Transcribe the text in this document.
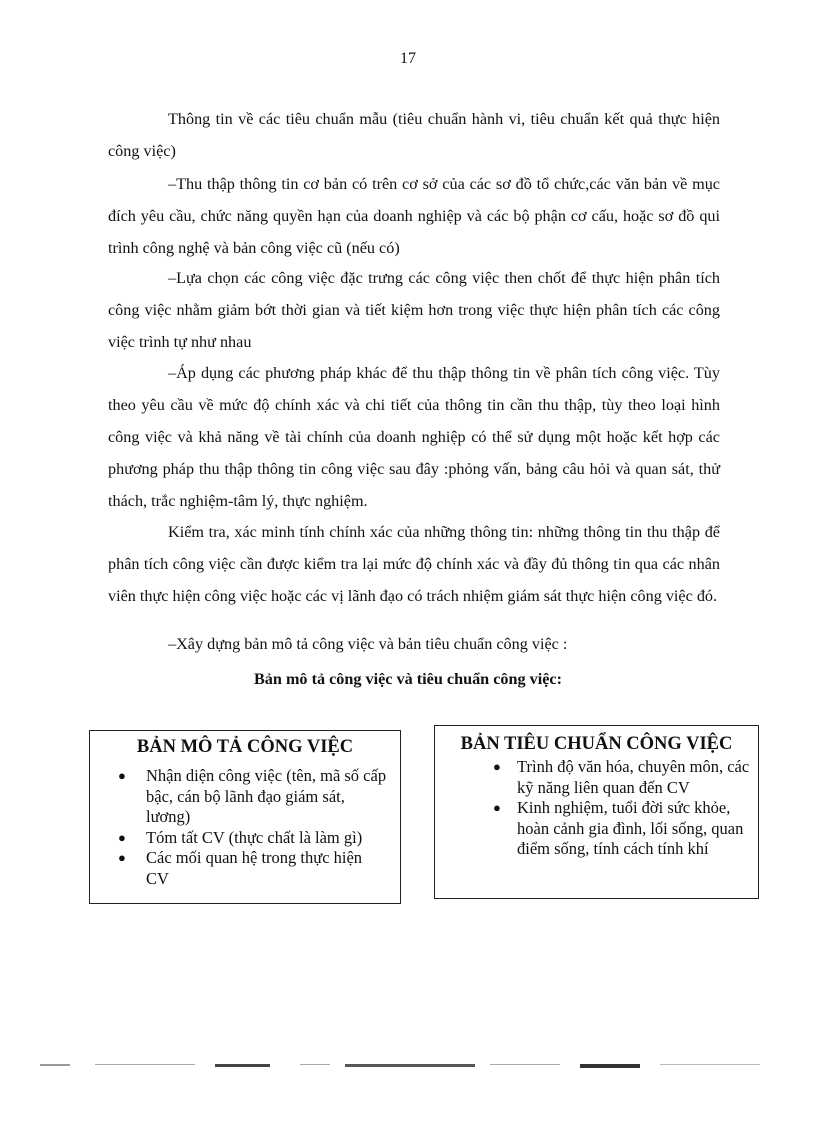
17

Thông tin về các tiêu chuẩn mẫu (tiêu chuẩn hành vi, tiêu chuẩn kết quả thực hiện công việc)

–Thu thập thông tin cơ bản có trên cơ sở của các sơ đồ tổ chức,các văn bản về mục đích yêu cầu, chức năng quyền hạn của doanh nghiệp và các bộ phận cơ cấu, hoặc sơ đồ qui trình công nghệ và bản công việc cũ (nếu có)

–Lựa chọn các công việc đặc trưng các công việc then chốt để thực hiện phân tích công việc nhằm giảm bớt thời gian và tiết kiệm hơn trong việc thực hiện phân tích các công việc trình tự như nhau

–Áp dụng các phương pháp khác để thu thập thông tin về phân tích công việc. Tùy theo yêu cầu về mức độ chính xác và chi tiết của thông tin cần thu thập, tùy theo loại hình công việc và khả năng về tài chính của doanh nghiệp có thể sử dụng một hoặc kết hợp các phương pháp thu thập thông tin công việc sau đây :phỏng vấn, bảng câu hỏi và quan sát, thử thách, trắc nghiệm-tâm lý, thực nghiệm.

Kiểm tra, xác minh tính chính xác của những thông tin: những thông tin thu thập để phân tích công việc cần được kiểm tra lại mức độ chính xác và đầy đủ thông tin qua các nhân viên thực hiện công việc hoặc các vị lãnh đạo có trách nhiệm giám sát thực hiện công việc đó.

–Xây dựng bản mô tả công việc và bản tiêu chuẩn công việc :

Bản mô tả công việc và tiêu chuẩn công việc:

BẢN MÔ TẢ CÔNG VIỆC

● Nhận diện công việc (tên, mã số cấp bậc, cán bộ lãnh đạo giám sát, lương)
● Tóm tất CV (thực chất là làm gì)
● Các mối quan hệ trong thực hiện CV

BẢN TIÊU CHUẨN CÔNG VIỆC

● Trình độ văn hóa, chuyên môn, các kỹ năng liên quan đến CV
● Kinh nghiệm, tuổi đời sức khỏe, hoàn cảnh gia đình, lối sống, quan điểm sống, tính cách tính khí
